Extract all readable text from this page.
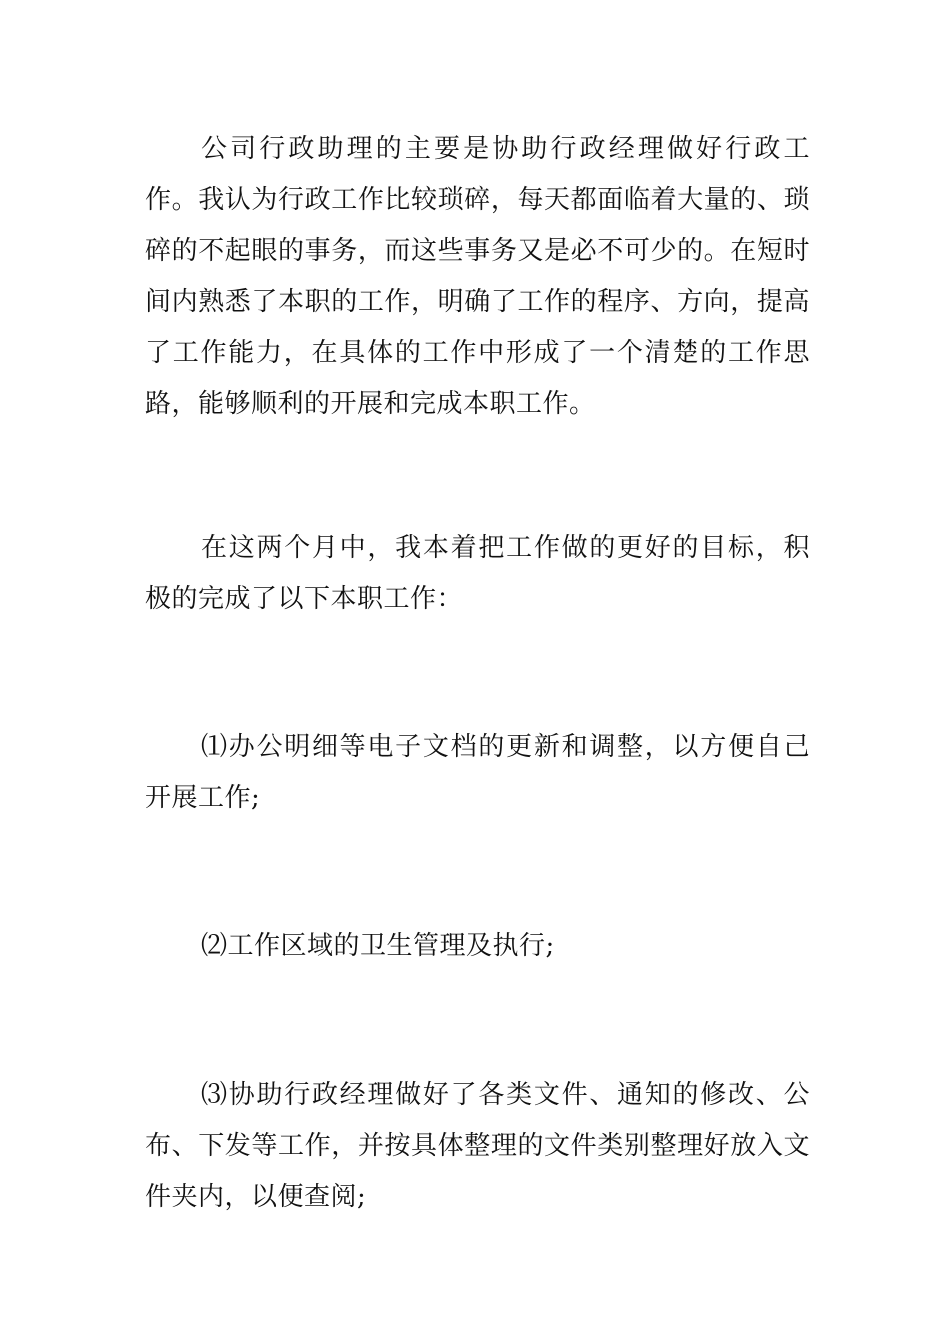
公司行政助理的主要是协助行政经理做好行政工作。我认为行政工作比较琐碎，每天都面临着大量的、琐碎的不起眼的事务，而这些事务又是必不可少的。在短时间内熟悉了本职的工作，明确了工作的程序、方向，提高了工作能力，在具体的工作中形成了一个清楚的工作思路，能够顺利的开展和完成本职工作。

在这两个月中，我本着把工作做的更好的目标，积极的完成了以下本职工作：

⑴办公明细等电子文档的更新和调整，以方便自己开展工作;

⑵工作区域的卫生管理及执行;

⑶协助行政经理做好了各类文件、通知的修改、公布、下发等工作，并按具体整理的文件类别整理好放入文件夹内，以便查阅;
